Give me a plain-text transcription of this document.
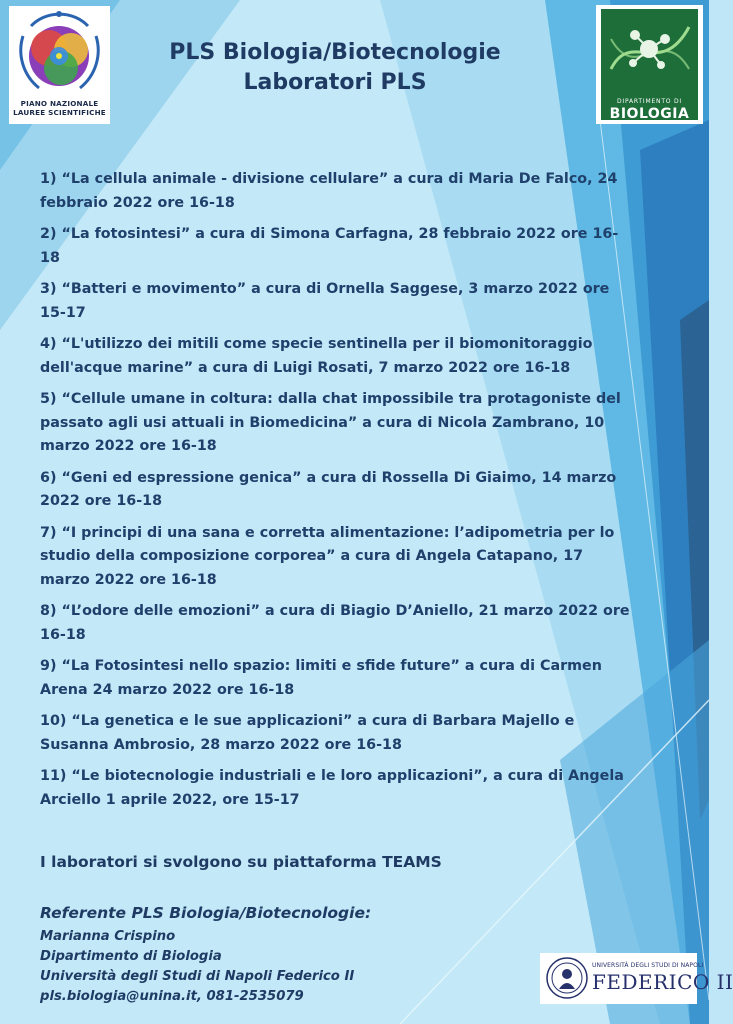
PIANO NAZIONALE
LAUREE SCIENTIFICHE
PLS Biologia/Biotecnologie
Laboratori PLS
DIPARTIMENTO DI
BIOLOGIA
1) “La cellula animale - divisione cellulare” a cura di Maria De Falco, 24 febbraio 2022 ore 16-18
2) “La fotosintesi” a cura di Simona Carfagna, 28 febbraio 2022 ore 16-18
3) “Batteri e movimento” a cura di Ornella Saggese, 3 marzo 2022 ore 15-17
4) “L'utilizzo dei mitili come specie sentinella per il biomonitoraggio dell'acque marine” a cura di Luigi Rosati, 7 marzo 2022 ore 16-18
5) “Cellule umane in coltura: dalla chat impossibile tra protagoniste del passato agli usi attuali in Biomedicina” a cura di Nicola Zambrano, 10 marzo 2022 ore 16-18
6) “Geni ed espressione genica” a cura di Rossella Di Giaimo, 14 marzo 2022 ore 16-18
7) “I principi di una sana e corretta alimentazione: l’adipometria per lo studio della composizione corporea” a cura di Angela Catapano, 17 marzo 2022 ore 16-18
8) “L’odore delle emozioni” a cura di Biagio D’Aniello, 21 marzo 2022 ore 16-18
9) “La Fotosintesi nello spazio: limiti e sfide future” a cura di Carmen Arena 24 marzo 2022 ore 16-18
10) “La genetica e le sue applicazioni” a cura di Barbara Majello e Susanna Ambrosio, 28 marzo 2022 ore 16-18
11) “Le biotecnologie industriali e le loro applicazioni”, a cura di Angela Arciello 1 aprile 2022, ore 15-17
I laboratori si svolgono su piattaforma TEAMS
Referente PLS Biologia/Biotecnologie:
Marianna Crispino
Dipartimento di Biologia
Università degli Studi di Napoli Federico II
pls.biologia@unina.it, 081-2535079
UNIVERSITÀ DEGLI STUDI DI NAPOLI
FEDERICO II
